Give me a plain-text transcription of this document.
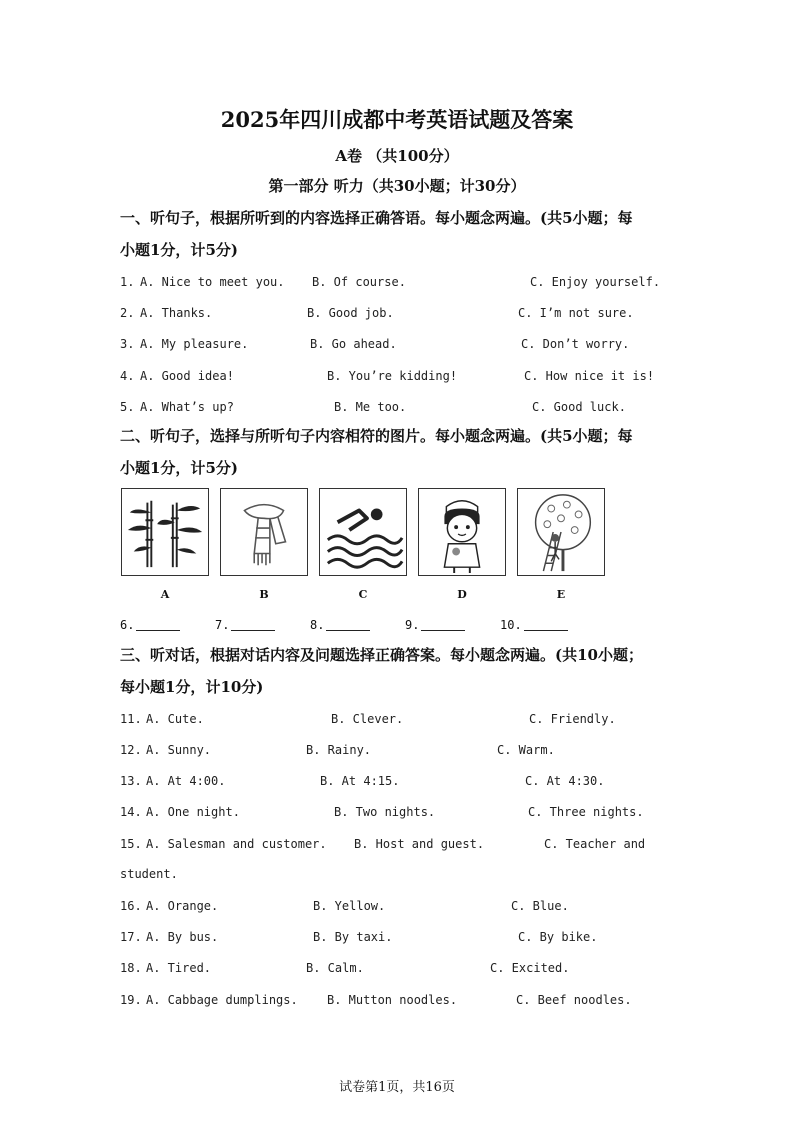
2025年四川成都中考英语试题及答案
A卷 （共100分）
第一部分 听力（共30小题；计30分）
一、听句子，根据所听到的内容选择正确答语。每小题念两遍。(共5小题；每
小题1分，计5分)
1. A. Nice to meet you. B. Of course.	C. Enjoy yourself.
2. A. Thanks.	B. Good job.	C. I’m not sure.
3. A. My pleasure.	B. Go ahead.	C. Don’t worry.
4. A. Good idea!	B. You’re kidding!	C. How nice it is!
5. A. What’s up?	B. Me too.	C. Good luck.
二、听句子，选择与所听句子内容相符的图片。每小题念两遍。(共5小题；每
小题1分，计5分)
A	B	C	D	E
6.	7.	8.	9.	10.
三、听对话，根据对话内容及问题选择正确答案。每小题念两遍。(共10小题；
每小题1分，计10分)
11. A. Cute.	B. Clever.	C. Friendly.
12. A. Sunny.	B. Rainy.	C. Warm.
13. A. At 4:00.	B. At 4:15.	C. At 4:30.
14. A. One night.	B. Two nights.	C. Three nights.
15. A. Salesman and customer. B. Host and guest.	C. Teacher and
student.
16. A. Orange.	B. Yellow.	C. Blue.
17. A. By bus.	B. By taxi.	C. By bike.
18. A. Tired.	B. Calm.	C. Excited.
19. A. Cabbage dumplings. B. Mutton noodles.	C. Beef noodles.
试卷第1页，共16页
